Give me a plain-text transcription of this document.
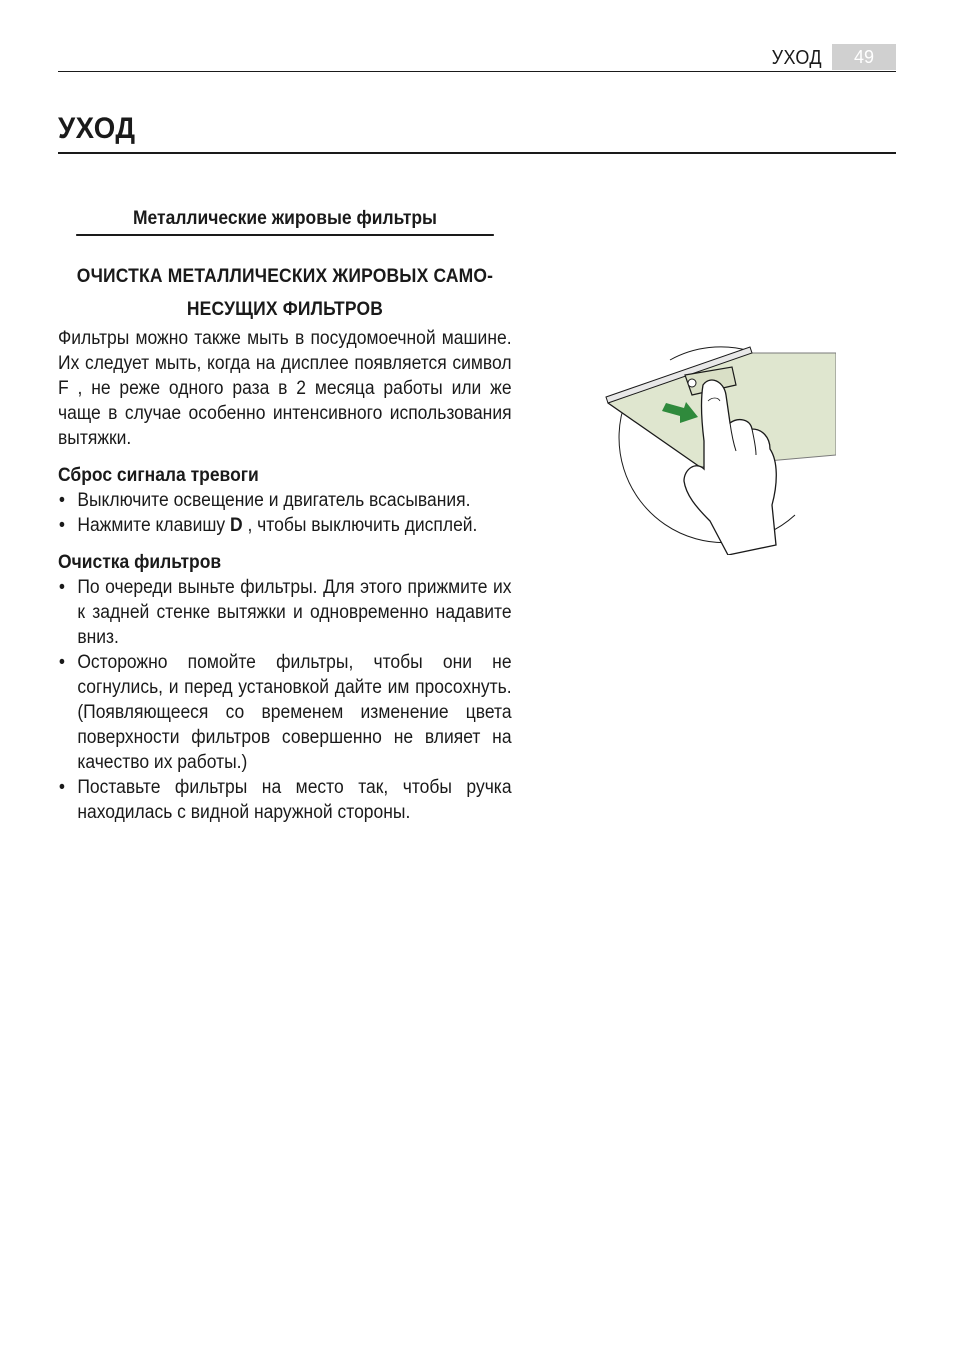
УХОД	49
УХОД
Металлические жировые фильтры
ОЧИСТКА МЕТАЛЛИЧЕСКИХ ЖИРОВЫХ САМО-
НЕСУЩИХ ФИЛЬТРОВ

Фильтры можно также мыть в посудомоечной машине. Их следует мыть, когда на дисплее появляется символ F , не реже одного раза в 2 месяца работы или же чаще в случае особенно интенсивного использования вытяжки.

Сброс сигнала тревоги
• Выключите освещение и двигатель всасывания.
• Нажмите клавишу D , чтобы выключить дисплей.
Очистка фильтров
• По очереди выньте фильтры. Для этого прижмите их к задней стенке вытяжки и одновременно надавите вниз.
• Осторожно помойте фильтры, чтобы они не согнулись, и перед установкой дайте им просохнуть. (Появляющееся со временем изменение цвета поверхности фильтров совершенно не влияет на качество их работы.)
• Поставьте фильтры на место так, чтобы ручка находилась с видной наружной стороны.
